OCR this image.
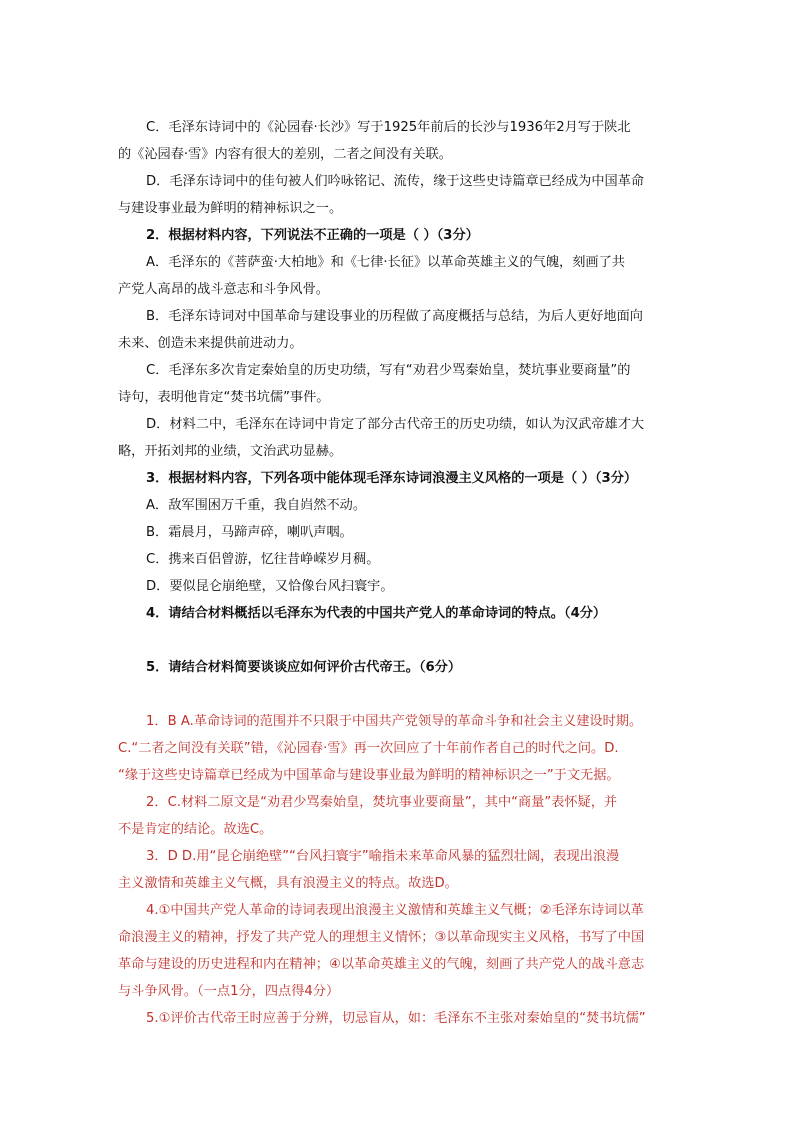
C．毛泽东诗词中的《沁园春·长沙》写于1925年前后的长沙与1936年2月写于陕北
的《沁园春·雪》内容有很大的差别，二者之间没有关联。
D．毛泽东诗词中的佳句被人们吟咏铭记、流传，缘于这些史诗篇章已经成为中国革命
与建设事业最为鲜明的精神标识之一。
2．根据材料内容，下列说法不正确的一项是（ ）（3分）
A．毛泽东的《菩萨蛮·大柏地》和《七律·长征》以革命英雄主义的气魄，刻画了共
产党人高昂的战斗意志和斗争风骨。
B．毛泽东诗词对中国革命与建设事业的历程做了高度概括与总结，为后人更好地面向
未来、创造未来提供前进动力。
C．毛泽东多次肯定秦始皇的历史功绩，写有“劝君少骂秦始皇，焚坑事业要商量”的
诗句，表明他肯定“焚书坑儒”事件。
D．材料二中，毛泽东在诗词中肯定了部分古代帝王的历史功绩，如认为汉武帝雄才大
略，开拓刘邦的业绩，文治武功显赫。
3．根据材料内容，下列各项中能体现毛泽东诗词浪漫主义风格的一项是（ ）（3分）
A．敌军围困万千重，我自岿然不动。
B．霜晨月，马蹄声碎，喇叭声咽。
C．携来百侣曾游，忆往昔峥嵘岁月稠。
D．要似昆仑崩绝壁，又恰像台风扫寰宇。
4．请结合材料概括以毛泽东为代表的中国共产党人的革命诗词的特点。（4分）
5．请结合材料简要谈谈应如何评价古代帝王。（6分）
1．B A.革命诗词的范围并不只限于中国共产党领导的革命斗争和社会主义建设时期。
C.“二者之间没有关联”错，《沁园春·雪》再一次回应了十年前作者自己的时代之问。D.
“缘于这些史诗篇章已经成为中国革命与建设事业最为鲜明的精神标识之一”于文无据。
2．C.材料二原文是“劝君少骂秦始皇，焚坑事业要商量”，其中“商量”表怀疑，并
不是肯定的结论。故选C。
3．D D.用“昆仑崩绝壁”“台风扫寰宇”喻指未来革命风暴的猛烈壮阔，表现出浪漫
主义激情和英雄主义气概，具有浪漫主义的特点。故选D。
4.①中国共产党人革命的诗词表现出浪漫主义激情和英雄主义气概；②毛泽东诗词以革
命浪漫主义的精神，抒发了共产党人的理想主义情怀；③以革命现实主义风格，书写了中国
革命与建设的历史进程和内在精神；④以革命英雄主义的气魄，刻画了共产党人的战斗意志
与斗争风骨。（一点1分，四点得4分）
5.①评价古代帝王时应善于分辨，切忌盲从，如：毛泽东不主张对秦始皇的“焚书坑儒”
